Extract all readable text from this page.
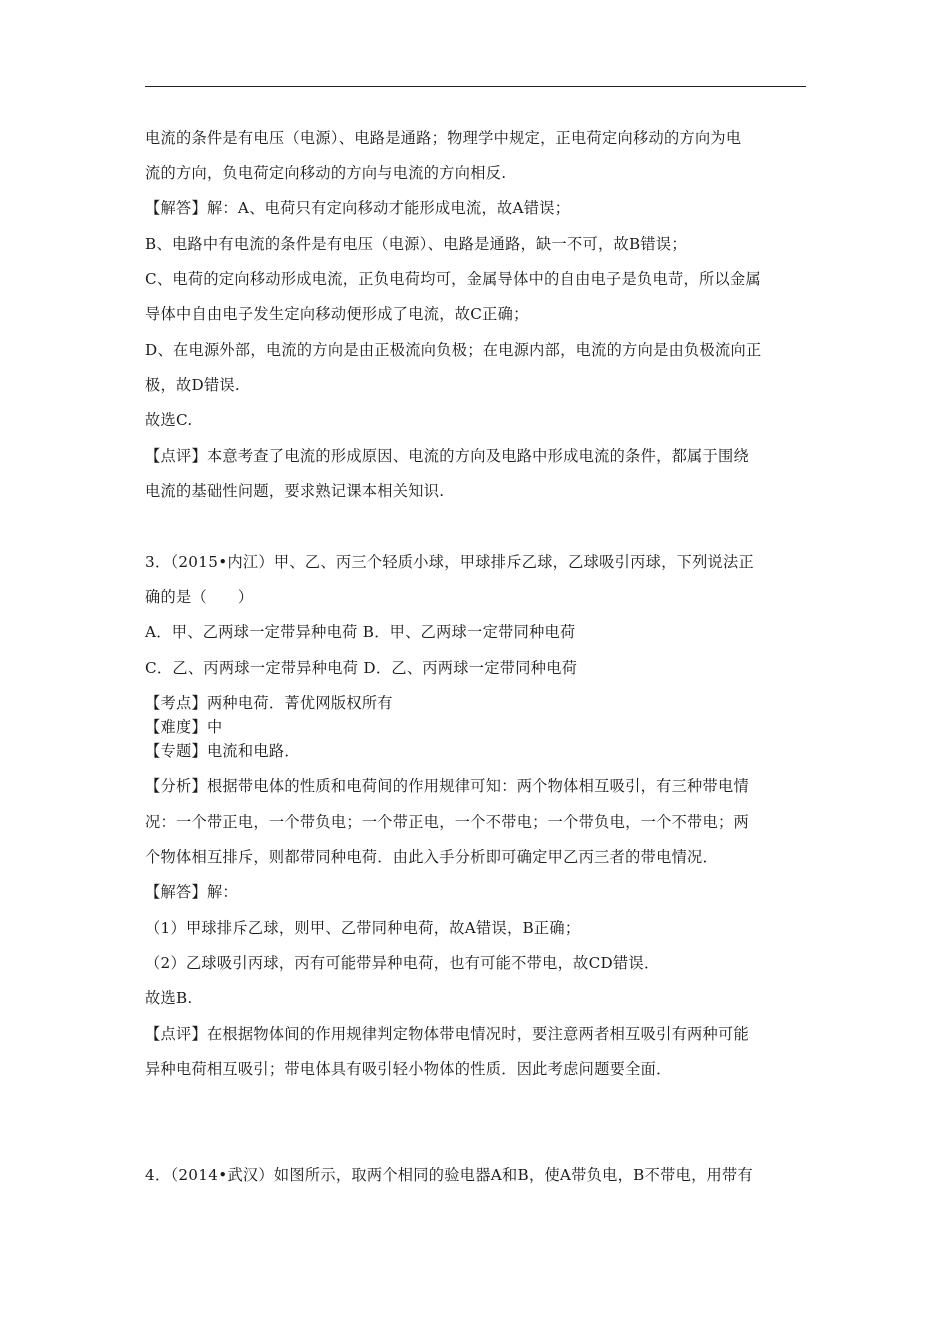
电流的条件是有电压（电源）、电路是通路；物理学中规定，正电荷定向移动的方向为电
流的方向，负电荷定向移动的方向与电流的方向相反.
【解答】解：A、电荷只有定向移动才能形成电流，故A错误；
B、电路中有电流的条件是有电压（电源）、电路是通路，缺一不可，故B错误；
C、电荷的定向移动形成电流，正负电荷均可，金属导体中的自由电子是负电苛，所以金属
导体中自由电子发生定向移动便形成了电流，故C正确；
D、在电源外部，电流的方向是由正极流向负极；在电源内部，电流的方向是由负极流向正
极，故D错误.
故选C.
【点评】本意考查了电流的形成原因、电流的方向及电路中形成电流的条件，都属于围绕
电流的基础性问题，要求熟记课本相关知识.
3．（2015•内江）甲、乙、丙三个轻质小球，甲球排斥乙球，乙球吸引丙球，下列说法正
确的是（　　）
A．甲、乙两球一定带异种电荷 B．甲、乙两球一定带同种电荷
C．乙、丙两球一定带异种电荷 D．乙、丙两球一定带同种电荷
【考点】两种电荷．菁优网版权所有
【难度】中
【专题】电流和电路．
【分析】根据带电体的性质和电荷间的作用规律可知：两个物体相互吸引，有三种带电情
况：一个带正电，一个带负电；一个带正电，一个不带电；一个带负电，一个不带电；两
个物体相互排斥，则都带同种电荷．由此入手分析即可确定甲乙丙三者的带电情况．
【解答】解：
（1）甲球排斥乙球，则甲、乙带同种电荷，故A错误，B正确；
（2）乙球吸引丙球，丙有可能带异种电荷，也有可能不带电，故CD错误．
故选B.
【点评】在根据物体间的作用规律判定物体带电情况时，要注意两者相互吸引有两种可能
异种电荷相互吸引；带电体具有吸引轻小物体的性质．因此考虑问题要全面．
4．（2014•武汉）如图所示，取两个相同的验电器A和B，使A带负电，B不带电，用带有
